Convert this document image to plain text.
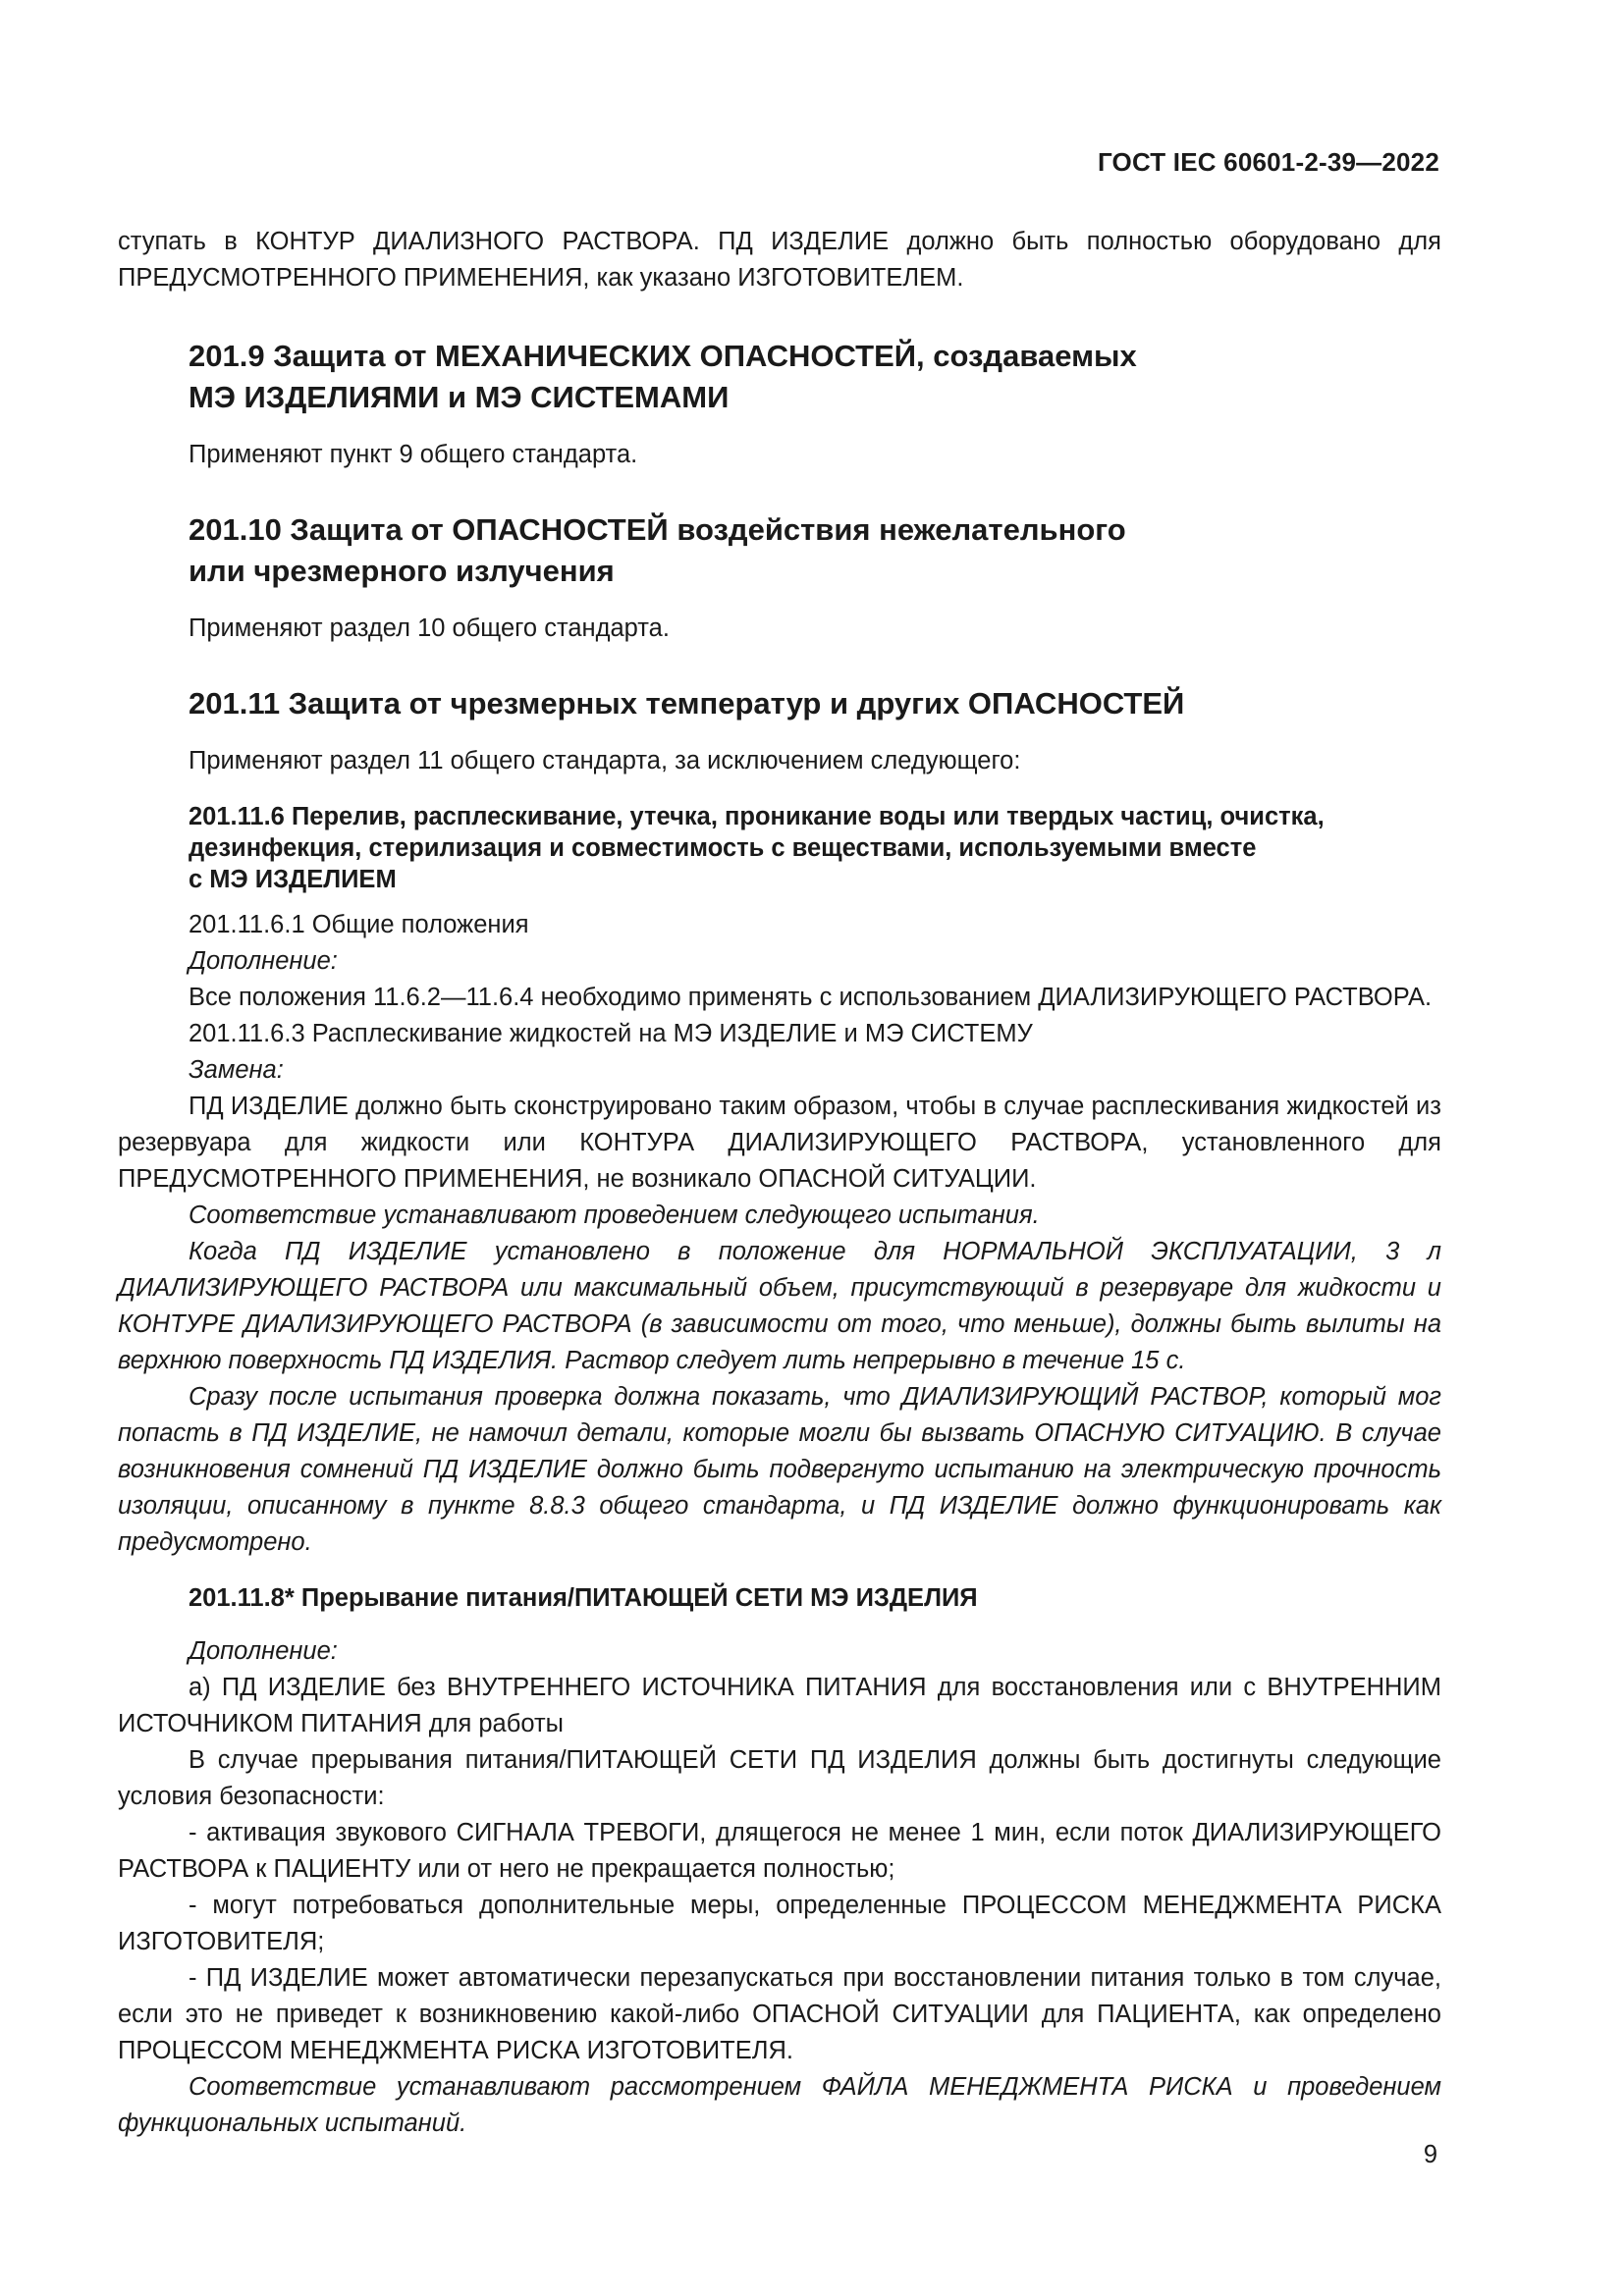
ГОСТ IEC 60601-2-39—2022

ступать в КОНТУР ДИАЛИЗНОГО РАСТВОРА. ПД ИЗДЕЛИЕ должно быть полностью оборудовано для ПРЕДУСМОТРЕННОГО ПРИМЕНЕНИЯ, как указано ИЗГОТОВИТЕЛЕМ.

201.9 Защита от МЕХАНИЧЕСКИХ ОПАСНОСТЕЙ, создаваемых
МЭ ИЗДЕЛИЯМИ и МЭ СИСТЕМАМИ

Применяют пункт 9 общего стандарта.

201.10 Защита от ОПАСНОСТЕЙ воздействия нежелательного
или чрезмерного излучения

Применяют раздел 10 общего стандарта.

201.11 Защита от чрезмерных температур и других ОПАСНОСТЕЙ

Применяют раздел 11 общего стандарта, за исключением следующего:

201.11.6 Перелив, расплескивание, утечка, проникание воды или твердых частиц, очистка,
дезинфекция, стерилизация и совместимость с веществами, используемыми вместе
с МЭ ИЗДЕЛИЕМ

201.11.6.1 Общие положения

Дополнение:

Все положения 11.6.2—11.6.4 необходимо применять с использованием ДИАЛИЗИРУЮЩЕГО РАСТВОРА.

201.11.6.3 Расплескивание жидкостей на МЭ ИЗДЕЛИЕ и МЭ СИСТЕМУ

Замена:

ПД ИЗДЕЛИЕ должно быть сконструировано таким образом, чтобы в случае расплескивания жидкостей из резервуара для жидкости или КОНТУРА ДИАЛИЗИРУЮЩЕГО РАСТВОРА, установленного для ПРЕДУСМОТРЕННОГО ПРИМЕНЕНИЯ, не возникало ОПАСНОЙ СИТУАЦИИ.

Соответствие устанавливают проведением следующего испытания.

Когда ПД ИЗДЕЛИЕ установлено в положение для НОРМАЛЬНОЙ ЭКСПЛУАТАЦИИ, 3 л ДИАЛИЗИРУЮЩЕГО РАСТВОРА или максимальный объем, присутствующий в резервуаре для жидкости и КОНТУРЕ ДИАЛИЗИРУЮЩЕГО РАСТВОРА (в зависимости от того, что меньше), должны быть вылиты на верхнюю поверхность ПД ИЗДЕЛИЯ. Раствор следует лить непрерывно в течение 15 с.

Сразу после испытания проверка должна показать, что ДИАЛИЗИРУЮЩИЙ РАСТВОР, который мог попасть в ПД ИЗДЕЛИЕ, не намочил детали, которые могли бы вызвать ОПАСНУЮ СИТУАЦИЮ. В случае возникновения сомнений ПД ИЗДЕЛИЕ должно быть подвергнуто испытанию на электрическую прочность изоляции, описанному в пункте 8.8.3 общего стандарта, и ПД ИЗДЕЛИЕ должно функционировать как предусмотрено.

201.11.8* Прерывание питания/ПИТАЮЩЕЙ СЕТИ МЭ ИЗДЕЛИЯ

Дополнение:

а) ПД ИЗДЕЛИЕ без ВНУТРЕННЕГО ИСТОЧНИКА ПИТАНИЯ для восстановления или с ВНУТРЕННИМ ИСТОЧНИКОМ ПИТАНИЯ для работы

В случае прерывания питания/ПИТАЮЩЕЙ СЕТИ ПД ИЗДЕЛИЯ должны быть достигнуты следующие условия безопасности:

- активация звукового СИГНАЛА ТРЕВОГИ, длящегося не менее 1 мин, если поток ДИАЛИЗИРУЮЩЕГО РАСТВОРА к ПАЦИЕНТУ или от него не прекращается полностью;

- могут потребоваться дополнительные меры, определенные ПРОЦЕССОМ МЕНЕДЖМЕНТА РИСКА ИЗГОТОВИТЕЛЯ;

- ПД ИЗДЕЛИЕ может автоматически перезапускаться при восстановлении питания только в том случае, если это не приведет к возникновению какой-либо ОПАСНОЙ СИТУАЦИИ для ПАЦИЕНТА, как определено ПРОЦЕССОМ МЕНЕДЖМЕНТА РИСКА ИЗГОТОВИТЕЛЯ.

Соответствие устанавливают рассмотрением ФАЙЛА МЕНЕДЖМЕНТА РИСКА и проведением функциональных испытаний.

9
